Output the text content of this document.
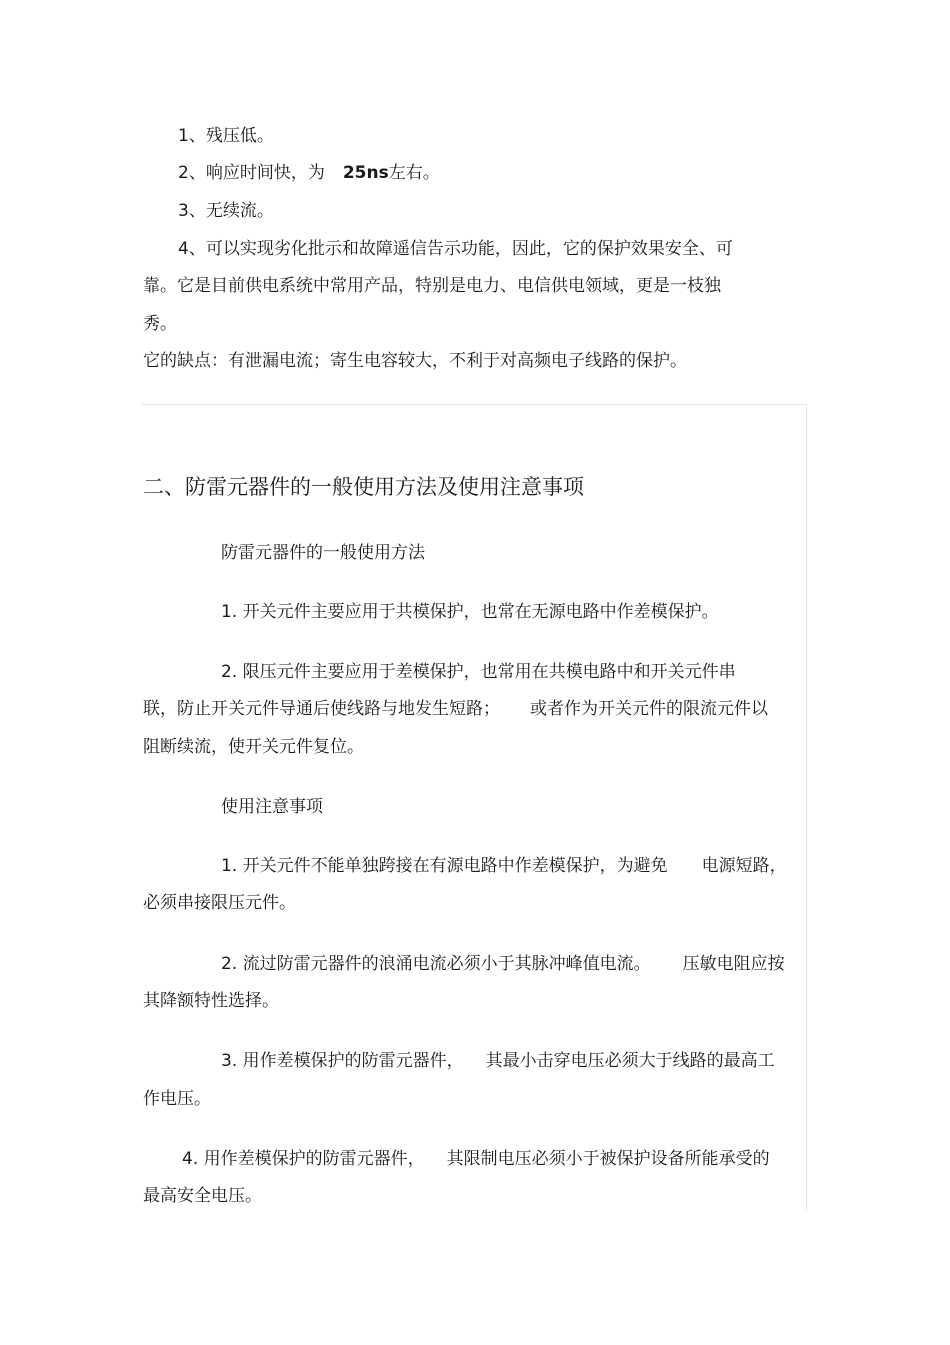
1、残压低。
2、响应时间快，为 25ns左右。
3、无续流。
4、可以实现劣化批示和故障遥信告示功能，因此，它的保护效果安全、可
靠。它是目前供电系统中常用产品，特别是电力、电信供电领域，更是一枝独
秀。
它的缺点：有泄漏电流；寄生电容较大，不利于对高频电子线路的保护。
二、防雷元器件的一般使用方法及使用注意事项
防雷元器件的一般使用方法
1. 开关元件主要应用于共模保护，也常在无源电路中作差模保护。
2. 限压元件主要应用于差模保护，也常用在共模电路中和开关元件串
联，防止开关元件导通后使线路与地发生短路； 或者作为开关元件的限流元件以
阻断续流，使开关元件复位。
使用注意事项
1. 开关元件不能单独跨接在有源电路中作差模保护，为避免 电源短路，
必须串接限压元件。
2. 流过防雷元器件的浪涌电流必须小于其脉冲峰值电流。 压敏电阻应按
其降额特性选择。
3. 用作差模保护的防雷元器件， 其最小击穿电压必须大于线路的最高工
作电压。
4. 用作差模保护的防雷元器件， 其限制电压必须小于被保护设备所能承受的
最高安全电压。
